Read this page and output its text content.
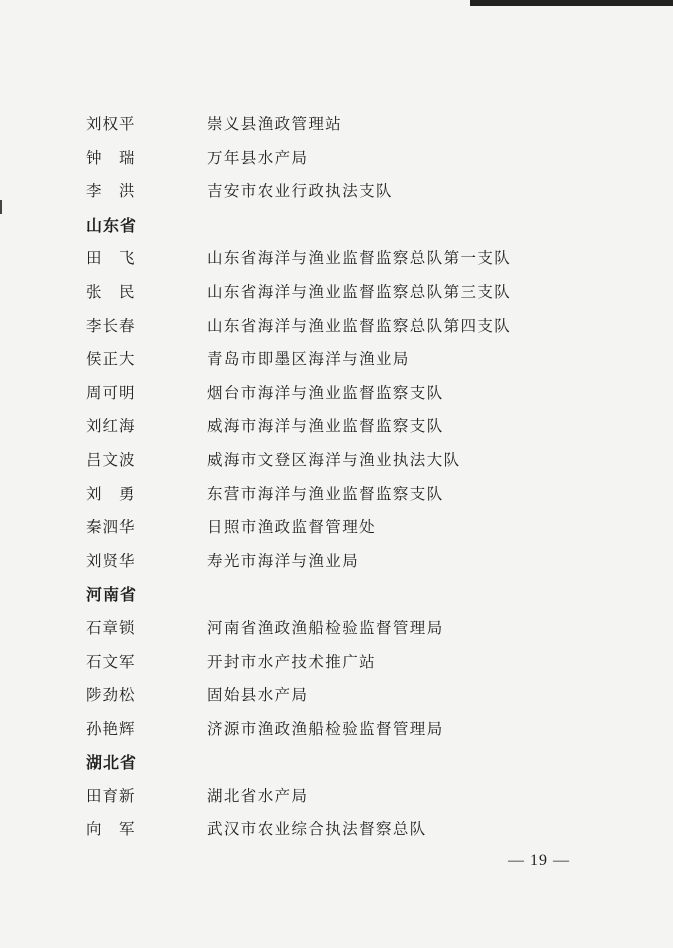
刘权平	崇义县渔政管理站
钟　瑞	万年县水产局
李　洪	吉安市农业行政执法支队
山东省
田　飞	山东省海洋与渔业监督监察总队第一支队
张　民	山东省海洋与渔业监督监察总队第三支队
李长春	山东省海洋与渔业监督监察总队第四支队
侯正大	青岛市即墨区海洋与渔业局
周可明	烟台市海洋与渔业监督监察支队
刘红海	威海市海洋与渔业监督监察支队
吕文波	威海市文登区海洋与渔业执法大队
刘　勇	东营市海洋与渔业监督监察支队
秦泗华	日照市渔政监督管理处
刘贤华	寿光市海洋与渔业局
河南省
石章锁	河南省渔政渔船检验监督管理局
石文军	开封市水产技术推广站
陟劲松	固始县水产局
孙艳辉	济源市渔政渔船检验监督管理局
湖北省
田育新	湖北省水产局
向　军	武汉市农业综合执法督察总队
— 19 —
